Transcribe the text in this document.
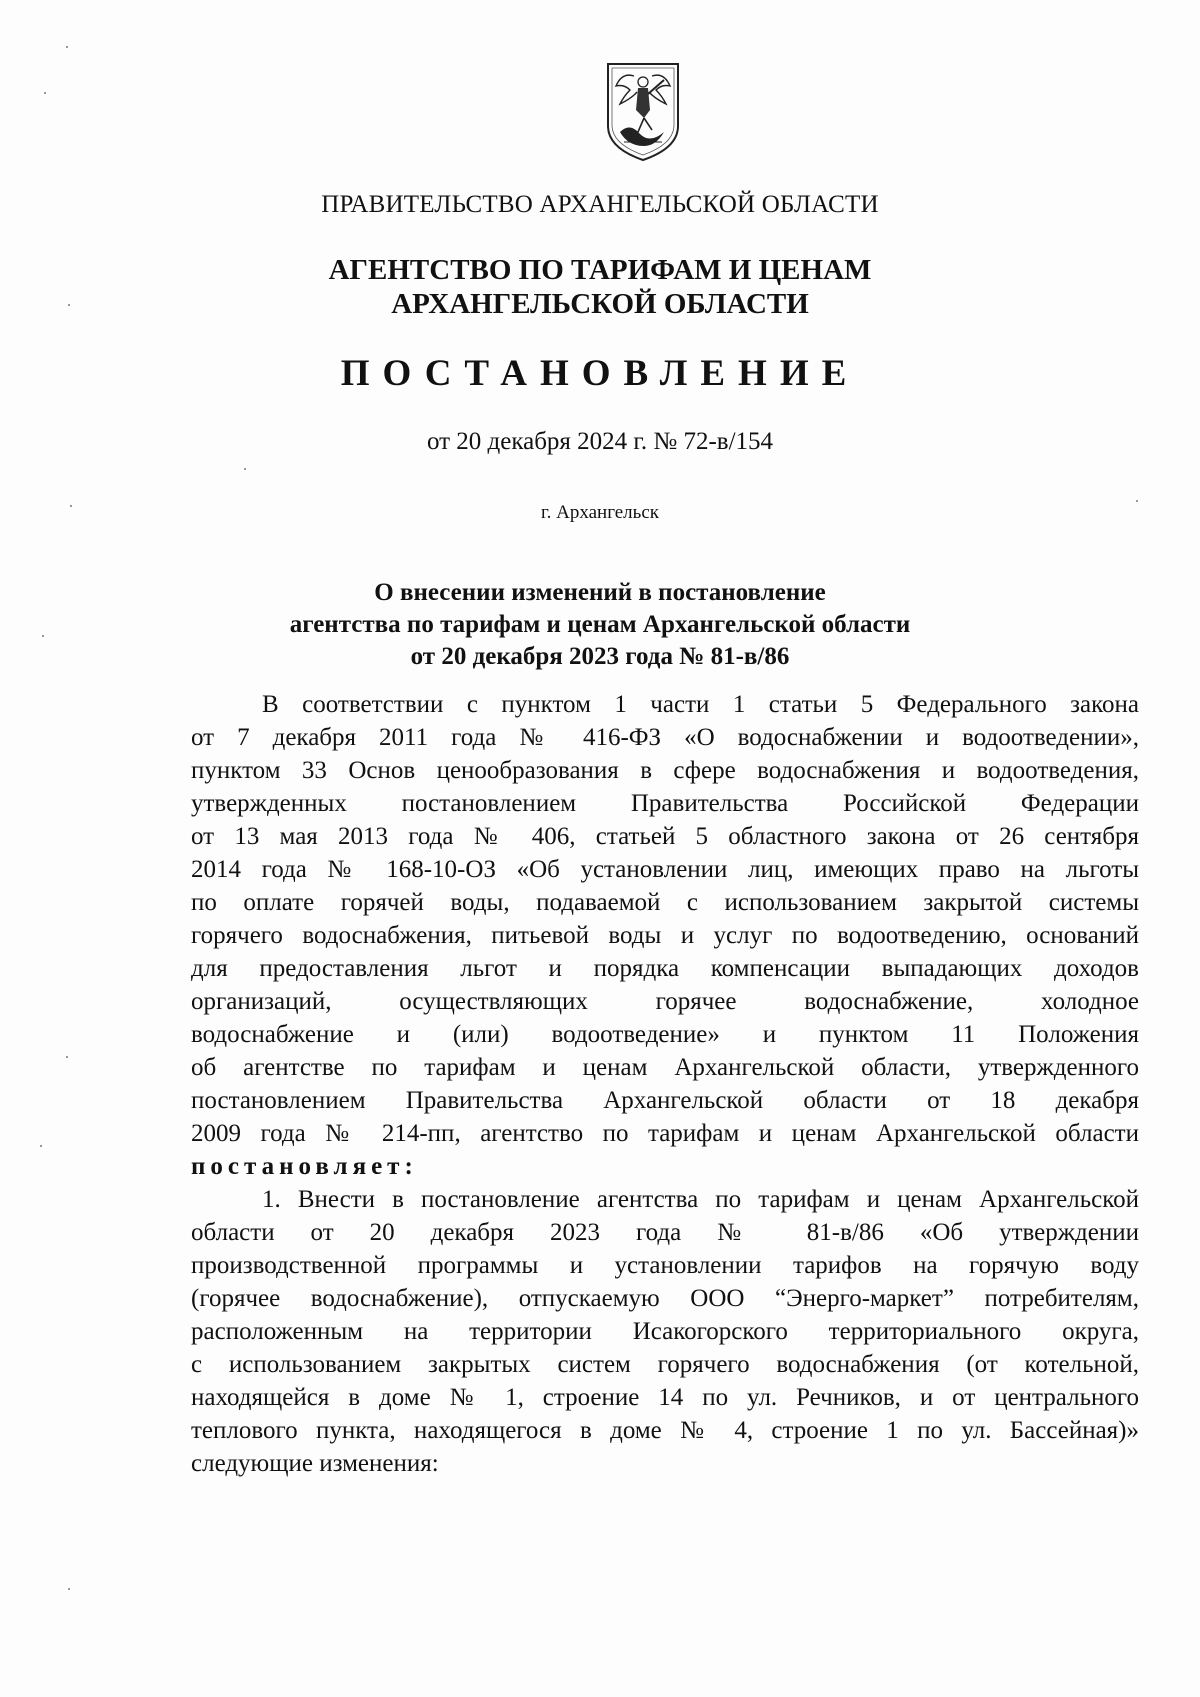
ПРАВИТЕЛЬСТВО АРХАНГЕЛЬСКОЙ ОБЛАСТИ
АГЕНТСТВО ПО ТАРИФАМ И ЦЕНАМ
АРХАНГЕЛЬСКОЙ ОБЛАСТИ
ПОСТАНОВЛЕНИЕ
от 20 декабря 2024 г. № 72-в/154
г. Архангельск
О внесении изменений в постановление
агентства по тарифам и ценам Архангельской области
от 20 декабря 2023 года № 81-в/86
В соответствии с пунктом 1 части 1 статьи 5 Федерального закона
от 7 декабря 2011 года № 416-ФЗ «О водоснабжении и водоотведении»,
пунктом 33 Основ ценообразования в сфере водоснабжения и водоотведения,
утвержденных постановлением Правительства Российской Федерации
от 13 мая 2013 года № 406, статьей 5 областного закона от 26 сентября
2014 года № 168-10-ОЗ «Об установлении лиц, имеющих право на льготы
по оплате горячей воды, подаваемой с использованием закрытой системы
горячего водоснабжения, питьевой воды и услуг по водоотведению, оснований
для предоставления льгот и порядка компенсации выпадающих доходов
организаций, осуществляющих горячее водоснабжение, холодное
водоснабжение и (или) водоотведение» и пунктом 11 Положения
об агентстве по тарифам и ценам Архангельской области, утвержденного
постановлением Правительства Архангельской области от 18 декабря
2009 года № 214-пп, агентство по тарифам и ценам Архангельской области
постановляет:
1. Внести в постановление агентства по тарифам и ценам Архангельской
области от 20 декабря 2023 года № 81-в/86 «Об утверждении
производственной программы и установлении тарифов на горячую воду
(горячее водоснабжение), отпускаемую ООО “Энерго-маркет” потребителям,
расположенным на территории Исакогорского территориального округа,
с использованием закрытых систем горячего водоснабжения (от котельной,
находящейся в доме № 1, строение 14 по ул. Речников, и от центрального
теплового пункта, находящегося в доме № 4, строение 1 по ул. Бассейная)»
следующие изменения:
